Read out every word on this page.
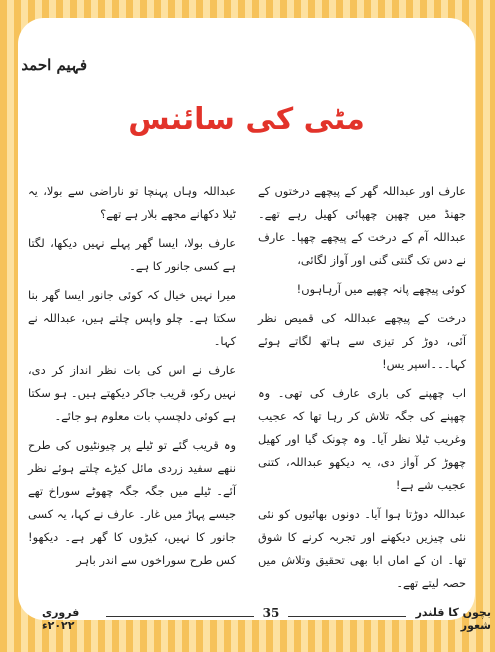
فہیم احمد
مٹی کی سائنس

عارف اور عبداللہ گھر کے پیچھے درختوں کے جھنڈ میں چھپن چھپائی کھیل رہے تھے۔ عبداللہ آم کے درخت کے پیچھے چھپا۔ عارف نے دس تک گنتی گنی اور آواز لگائی،

کوئی پیچھے پانہ چھپے میں آرہاہوں!

درخت کے پیچھے عبداللہ کی قمیص نظر آئی، دوڑ کر تیزی سے ہاتھ لگاتے ہوئے کہا۔۔۔اسپر یس!

اب چھپنے کی باری عارف کی تھی۔ وہ چھپنے کی جگہ تلاش کر رہا تھا کہ عجیب وغریب ٹیلا نظر آیا۔ وہ چونک گیا اور کھیل چھوڑ کر آواز دی، یہ دیکھو عبداللہ، کتنی عجیب شے ہے!

عبداللہ دوڑتا ہوا آیا۔ دونوں بھائیوں کو نئی نئی چیزیں دیکھنے اور تجربہ کرنے کا شوق تھا۔ ان کے اماں ابا بھی تحقیق وتلاش میں حصہ لیتے تھے۔

عبداللہ وہاں پہنچا تو ناراضی سے بولا، یہ ٹیلا دکھانے مجھے بلار ہے تھے؟

عارف بولا، ایسا گھر پہلے نہیں دیکھا، لگتا ہے کسی جانور کا ہے۔

میرا نہیں خیال کہ کوئی جانور ایسا گھر بنا سکتا ہے۔ چلو واپس چلتے ہیں، عبداللہ نے کہا۔

عارف نے اس کی بات نظر انداز کر دی، نہیں رکو، قریب جاکر دیکھتے ہیں۔ ہو سکتا ہے کوئی دلچسپ بات معلوم ہو جائے۔

وہ قریب گئے تو ٹیلے پر چیونٹیوں کی طرح ننھے سفید زردی مائل کیڑے چلتے ہوئے نظر آئے۔ ٹیلے میں جگہ جگہ چھوٹے سوراخ تھے جیسے پہاڑ میں غار۔ عارف نے کہا، یہ کسی جانور کا نہیں، کیڑوں کا گھر ہے۔ دیکھو! کس طرح سوراخوں سے اندر باہر

فروری ۲۰۲۲ء
35	بچوں کا قلندر شعور
